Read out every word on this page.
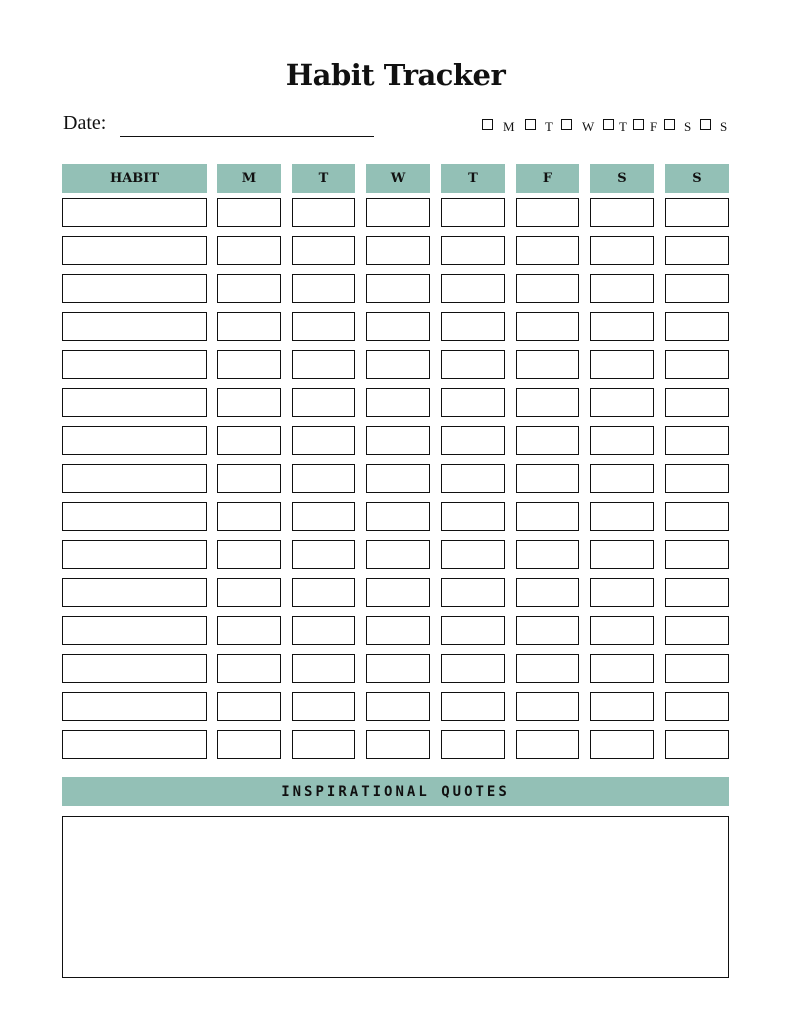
Habit Tracker
Date:	M T W T F S S
HABIT	M	T	W	T	F	S	S
INSPIRATIONAL QUOTES
